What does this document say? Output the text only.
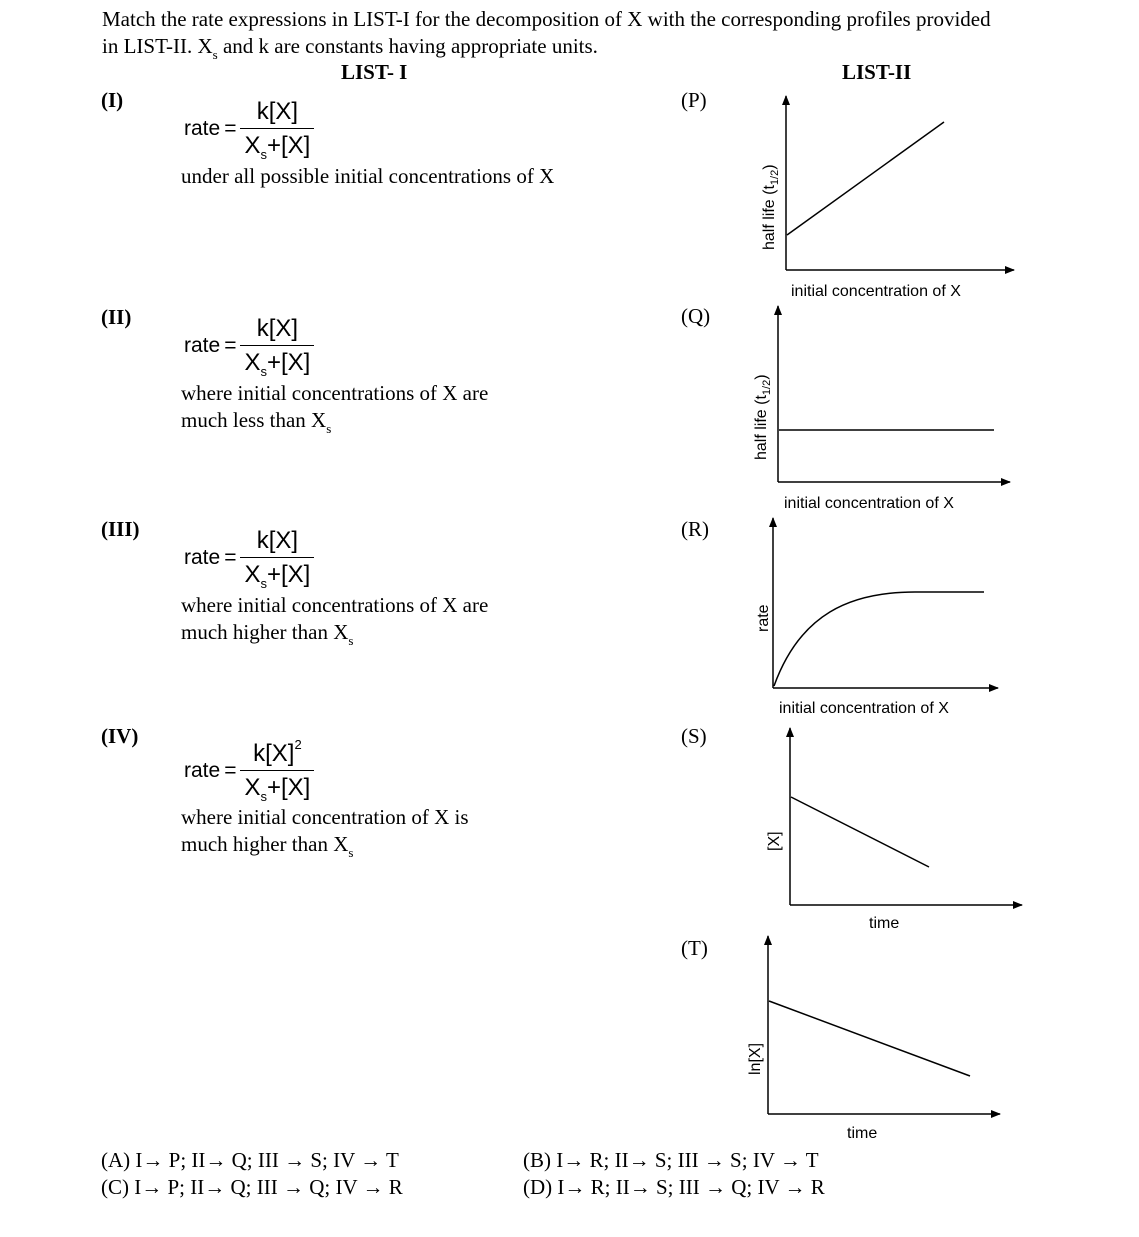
Match the rate expressions in LIST-I for the decomposition of X with the corresponding profiles provided
in LIST-II. $X_s$ and k are constants having appropriate units.
LIST- I	LIST-II
(I)
rate = $\frac{k[X]}{X_s+[X]}$
under all possible initial concentrations of X
(II)
rate = $\frac{k[X]}{X_s+[X]}$
where initial concentrations of X are
much less than $X_s$
(III)
rate = $\frac{k[X]}{X_s+[X]}$
where initial concentrations of X are
much higher than $X_s$
(IV)
rate = $\frac{k[X]^2}{X_s+[X]}$
where initial concentration of X is
much higher than $X_s$
(P)
(Q)
(R)
(S)
(T)
half life $(t_{1/2})$
initial concentration of X
half life $(t_{1/2})$
initial concentration of X
rate
initial concentration of X
[X]
time
ln[X]
time
(A) I→ P; II→ Q; III → S; IV → T	(B) I→ R; II→ S; III → S; IV → T
(C) I→ P; II→ Q; III → Q; IV → R	(D) I→ R; II→ S; III → Q; IV → R
